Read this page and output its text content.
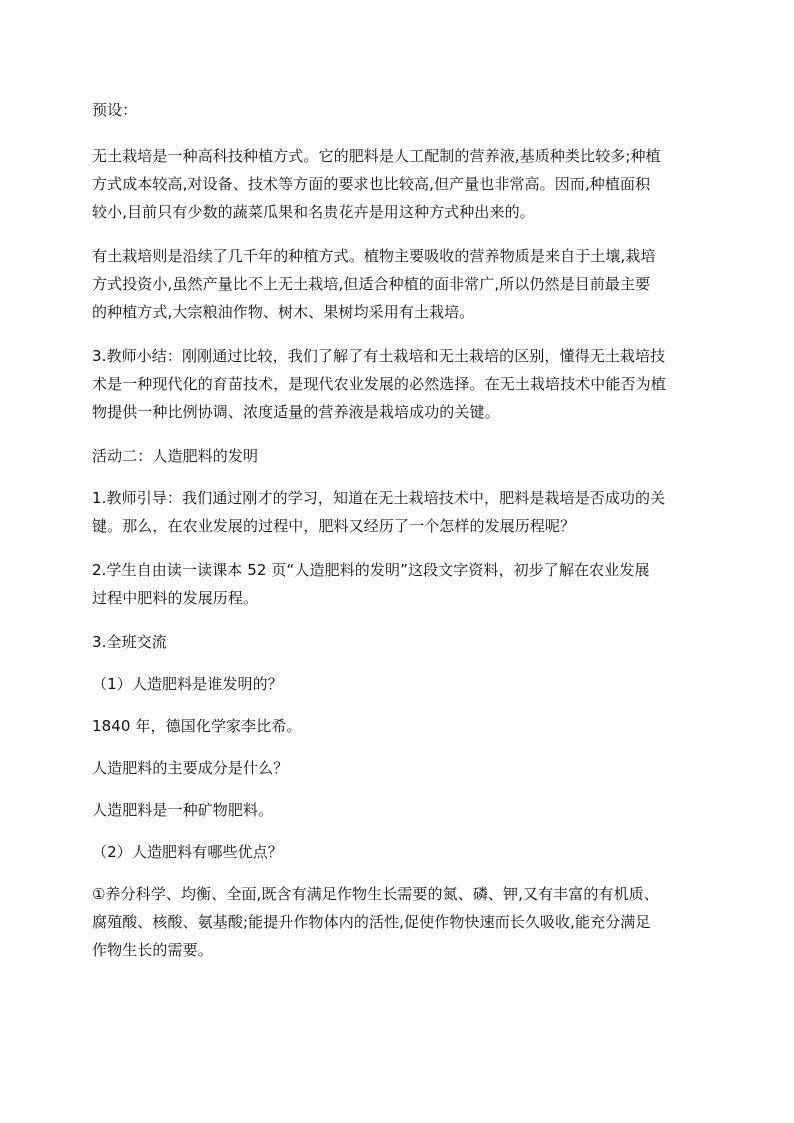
预设：

无土栽培是一种高科技种植方式。它的肥料是人工配制的营养液,基质种类比较多;种植
方式成本较高,对设备、技术等方面的要求也比较高,但产量也非常高。因而,种植面积
较小,目前只有少数的蔬菜瓜果和名贵花卉是用这种方式种出来的。

有土栽培则是沿续了几千年的种植方式。植物主要吸收的营养物质是来自于土壤,栽培
方式投资小,虽然产量比不上无土栽培,但适合种植的面非常广,所以仍然是目前最主要
的种植方式,大宗粮油作物、树木、果树均采用有土栽培。

3.教师小结：刚刚通过比较，我们了解了有土栽培和无土栽培的区别，懂得无土栽培技
术是一种现代化的育苗技术，是现代农业发展的必然选择。在无土栽培技术中能否为植
物提供一种比例协调、浓度适量的营养液是栽培成功的关键。

活动二：人造肥料的发明

1.教师引导：我们通过刚才的学习，知道在无土栽培技术中，肥料是栽培是否成功的关
键。那么，在农业发展的过程中，肥料又经历了一个怎样的发展历程呢？

2.学生自由读一读课本 52 页“人造肥料的发明”这段文字资料，初步了解在农业发展
过程中肥料的发展历程。

3.全班交流

（1）人造肥料是谁发明的？

1840 年，德国化学家李比希。

人造肥料的主要成分是什么？

人造肥料是一种矿物肥料。

（2）人造肥料有哪些优点？

①养分科学、均衡、全面,既含有满足作物生长需要的氮、磷、钾,又有丰富的有机质、
腐殖酸、核酸、氨基酸;能提升作物体内的活性,促使作物快速而长久吸收,能充分满足
作物生长的需要。
